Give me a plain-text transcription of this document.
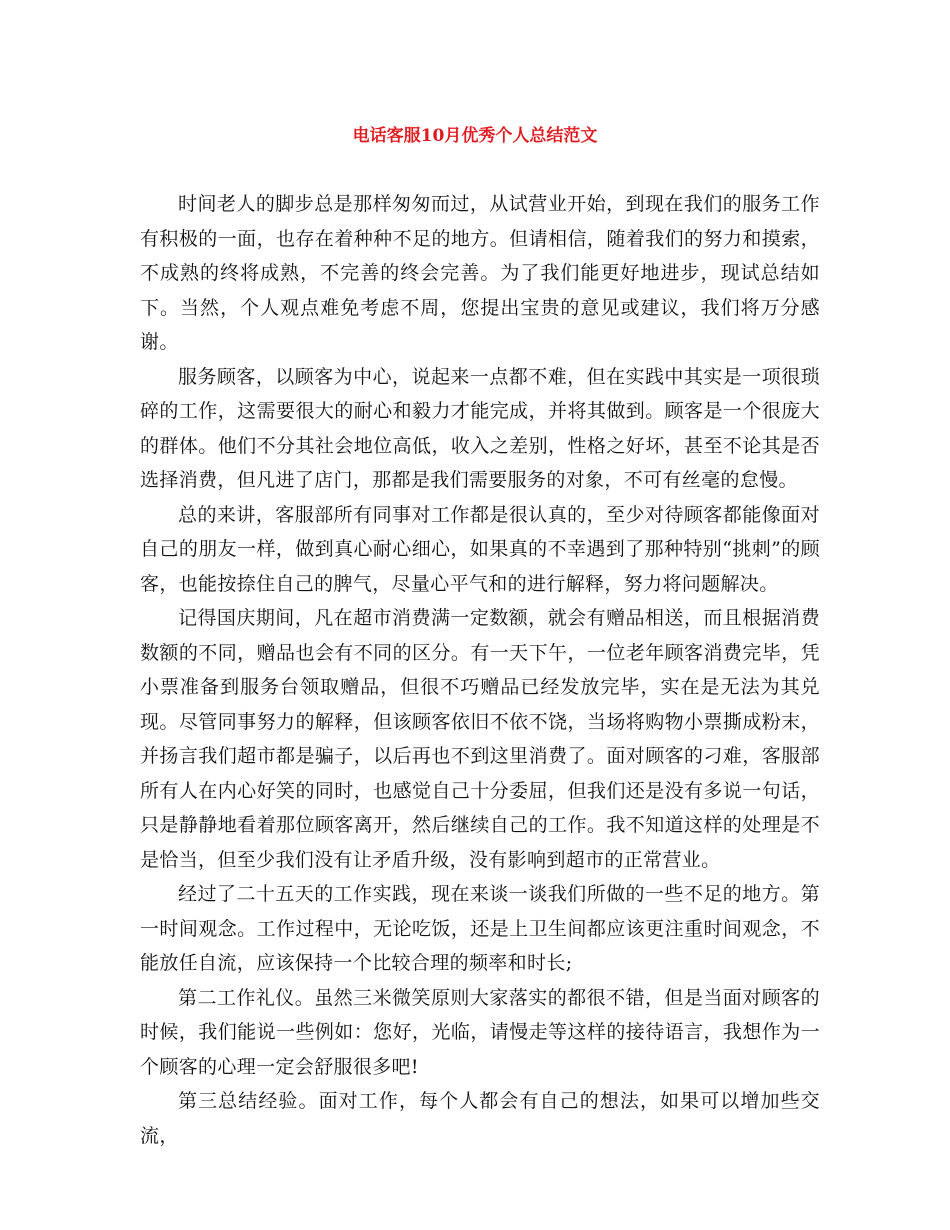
电话客服10月优秀个人总结范文

时间老人的脚步总是那样匆匆而过，从试营业开始，到现在我们的服务工作有积极的一面，也存在着种种不足的地方。但请相信，随着我们的努力和摸索，不成熟的终将成熟，不完善的终会完善。为了我们能更好地进步，现试总结如下。当然，个人观点难免考虑不周，您提出宝贵的意见或建议，我们将万分感谢。

服务顾客，以顾客为中心，说起来一点都不难，但在实践中其实是一项很琐碎的工作，这需要很大的耐心和毅力才能完成，并将其做到。顾客是一个很庞大的群体。他们不分其社会地位高低，收入之差别，性格之好坏，甚至不论其是否选择消费，但凡进了店门，那都是我们需要服务的对象，不可有丝毫的怠慢。

总的来讲，客服部所有同事对工作都是很认真的，至少对待顾客都能像面对自己的朋友一样，做到真心耐心细心，如果真的不幸遇到了那种特别“挑刺”的顾客，也能按捺住自己的脾气，尽量心平气和的进行解释，努力将问题解决。

记得国庆期间，凡在超市消费满一定数额，就会有赠品相送，而且根据消费数额的不同，赠品也会有不同的区分。有一天下午，一位老年顾客消费完毕，凭小票准备到服务台领取赠品，但很不巧赠品已经发放完毕，实在是无法为其兑现。尽管同事努力的解释，但该顾客依旧不依不饶，当场将购物小票撕成粉末，并扬言我们超市都是骗子，以后再也不到这里消费了。面对顾客的刁难，客服部所有人在内心好笑的同时，也感觉自己十分委屈，但我们还是没有多说一句话，只是静静地看着那位顾客离开，然后继续自己的工作。我不知道这样的处理是不是恰当，但至少我们没有让矛盾升级，没有影响到超市的正常营业。

经过了二十五天的工作实践，现在来谈一谈我们所做的一些不足的地方。第一时间观念。工作过程中，无论吃饭，还是上卫生间都应该更注重时间观念，不能放任自流，应该保持一个比较合理的频率和时长;

第二工作礼仪。虽然三米微笑原则大家落实的都很不错，但是当面对顾客的时候，我们能说一些例如：您好，光临，请慢走等这样的接待语言，我想作为一个顾客的心理一定会舒服很多吧!

第三总结经验。面对工作，每个人都会有自己的想法，如果可以增加些交流，
